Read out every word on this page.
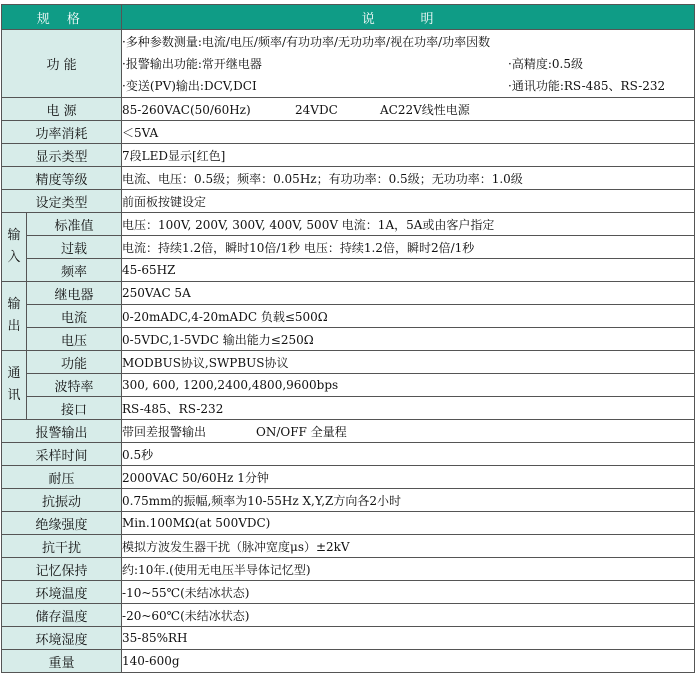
规 格		说 明
功 能		·多种参数测量:电流/电压/频率/有功功率/无功功率/视在功率/功率因数
·报警输出功能:常开继电器 ·高精度:0.5级
·变送(PV)输出:DCV,DCI ·通讯功能:RS-485、RS-232

电 源		85-260VAC(50/60Hz) 24VDC AC22V线性电源
功率消耗		＜5VA
显示类型		7段LED显示[红色]
精度等级		电流、电压：0.5级；频率：0.05Hz；有功功率：0.5级；无功功率：1.0级
设定类型		前面板按键设定
输入	标准值	电压：100V, 200V, 300V, 400V, 500V 电流：1A，5A或由客户指定
	过载	电流：持续1.2倍，瞬时10倍/1秒 电压：持续1.2倍，瞬时2倍/1秒
	频率	45-65HZ
输出	继电器	250VAC 5A
	电流	0-20mADC,4-20mADC 负载≤500Ω
	电压	0-5VDC,1-5VDC 输出能力≤250Ω
通讯	功能	MODBUS协议,SWPBUS协议
	波特率	300, 600, 1200,2400,4800,9600bps
	接口	RS-485、RS-232
报警输出		带回差报警输出 ON/OFF 全量程
采样时间		0.5秒
耐压		2000VAC 50/60Hz 1分钟
抗振动		0.75mm的振幅,频率为10-55Hz X,Y,Z方向各2小时
绝缘强度		Min.100MΩ(at 500VDC)
抗干扰		模拟方波发生器干扰（脉冲宽度μs）±2kV
记忆保持		约:10年.(使用无电压半导体记忆型)
环境温度		-10~55℃(未结冰状态)
储存温度		-20~60℃(未结冰状态)
环境湿度		35-85%RH
重量		140-600g
